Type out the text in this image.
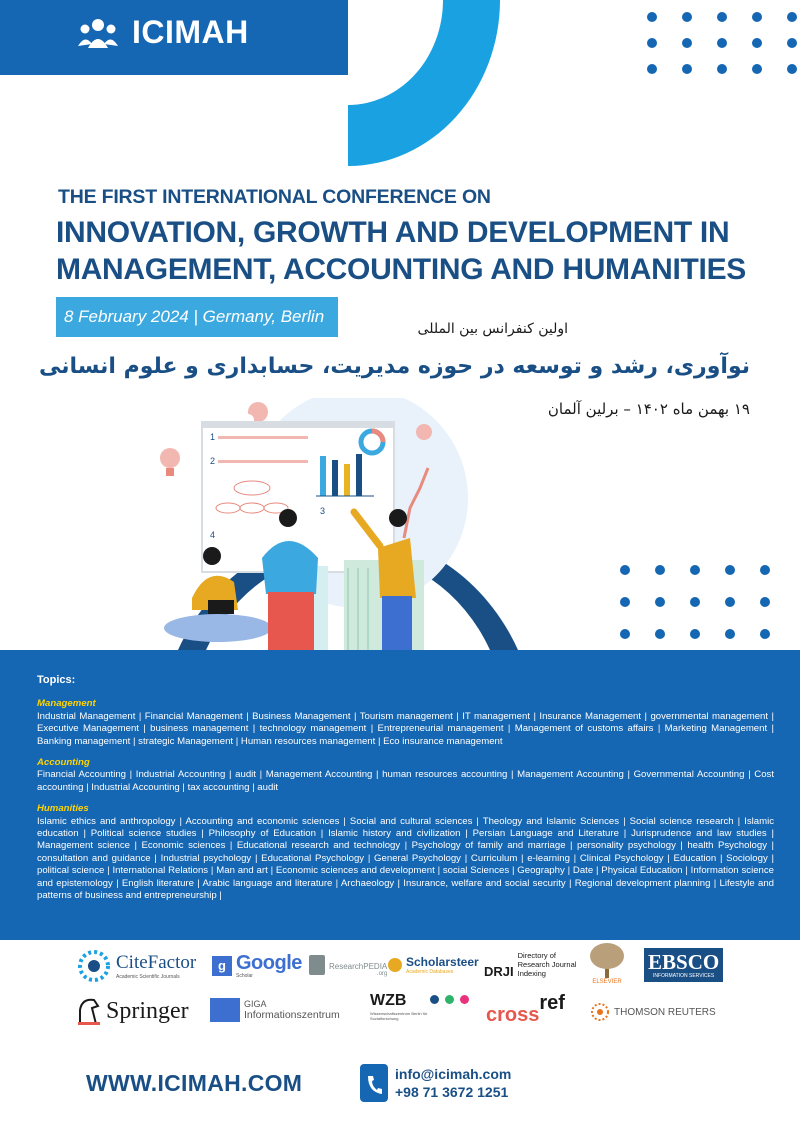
ICIMAH
THE FIRST INTERNATIONAL CONFERENCE ON
INNOVATION, GROWTH AND DEVELOPMENT IN
MANAGEMENT, ACCOUNTING AND HUMANITIES
8 February 2024 | Germany, Berlin
اولین کنفرانس بین المللی
نوآوری، رشد و توسعه در حوزه مدیریت، حسابداری و علوم انسانی
۱۹ بهمن ماه ۱۴۰۲ – برلین آلمان
1
2
3
4
Topics:
Management
Industrial Management | Financial Management | Business Management | Tourism management | IT management | Insurance Management | governmental management | Executive Management | business management | technology management | Entrepreneurial management | Management of customs affairs | Marketing Management | Banking management | strategic Management | Human resources management | Eco insurance management
Accounting
Financial Accounting | Industrial Accounting | audit | Management Accounting | human resources accounting | Management Accounting | Governmental Accounting | Cost accounting | Industrial Accounting | tax accounting | audit
Humanities
Islamic ethics and anthropology | Accounting and economic sciences | Social and cultural sciences | Theology and Islamic Sciences | Social science research | Islamic education | Political science studies | Philosophy of Education | Islamic history and civilization | Persian Language and Literature | Jurisprudence and law studies | Management science | Economic sciences | Educational research and technology | Psychology of family and marriage | personality psychology | health Psychology | consultation and guidance | Industrial psychology | Educational Psychology | General Psychology | Curriculum | e-learning | Clinical Psychology | Education | Sociology | political science | International Relations | Man and art | Economic sciences and development | social Sciences | Geography | Date | Physical Education | Information science and epistemology | English literature | Arabic language and literature | Archaeology | Insurance, welfare and social security | Regional development planning | Lifestyle and patterns of business and entrepreneurship |
CiteFactor
Academic Scientific Journals
g Google
Scholar
ResearchPEDIA
.org
Scholarsteer
Academic Databases	DRJI
Directory of Research Journal Indexing
ELSEVIER
EBSCO
INFORMATION SERVICES
Springer	GIGA
Informationszentrum
WZB
Wissenschaftszentrum Berlin für Sozialforschung	crossref	THOMSON REUTERS
WWW.ICIMAH.COM	info@icimah.com
+98 71 3672 1251
